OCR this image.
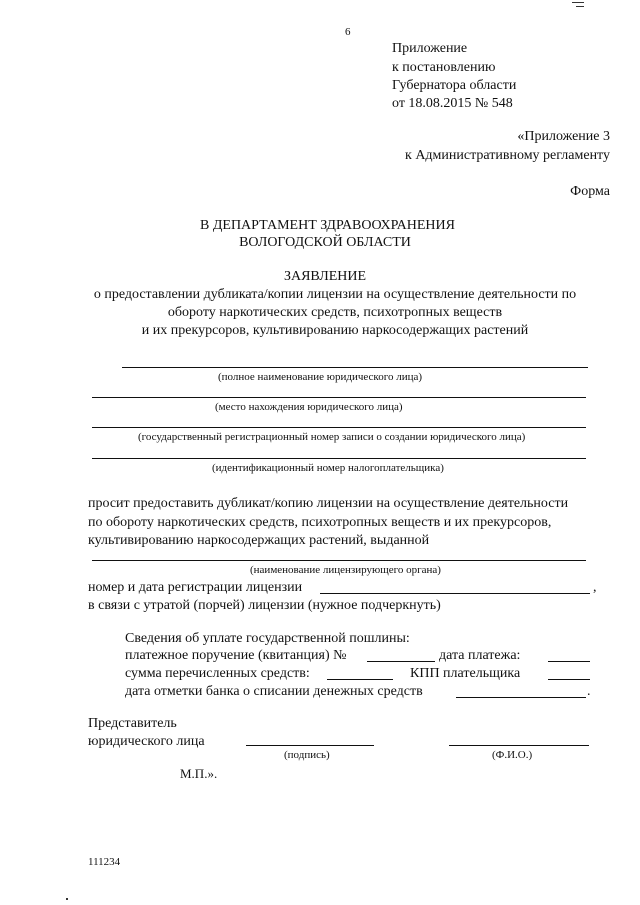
6
Приложение
к постановлению
Губернатора области
от 18.08.2015 № 548
«Приложение 3
к Административному регламенту
Форма
В ДЕПАРТАМЕНТ ЗДРАВООХРАНЕНИЯ
ВОЛОГОДСКОЙ ОБЛАСТИ
ЗАЯВЛЕНИЕ
о предоставлении дубликата/копии лицензии на осуществление деятельности по
обороту наркотических средств, психотропных веществ
и их прекурсоров, культивированию наркосодержащих растений
(полное наименование юридического лица)
(место нахождения юридического лица)
(государственный регистрационный номер записи о создании юридического лица)
(идентификационный номер налогоплательщика)
просит предоставить дубликат/копию лицензии на осуществление деятельности
по обороту наркотических средств, психотропных веществ и их прекурсоров,
культивированию наркосодержащих растений, выданной
(наименование лицензирующего органа)
номер и дата регистрации лицензии	,
в связи с утратой (порчей) лицензии (нужное подчеркнуть)
Сведения об уплате государственной пошлины:
платежное поручение (квитанция) №	дата платежа:
сумма перечисленных средств:	КПП плательщика
дата отметки банка о списании денежных средств	.
Представитель
юридического лица
(подпись)	(Ф.И.О.)
М.П.».
111234
